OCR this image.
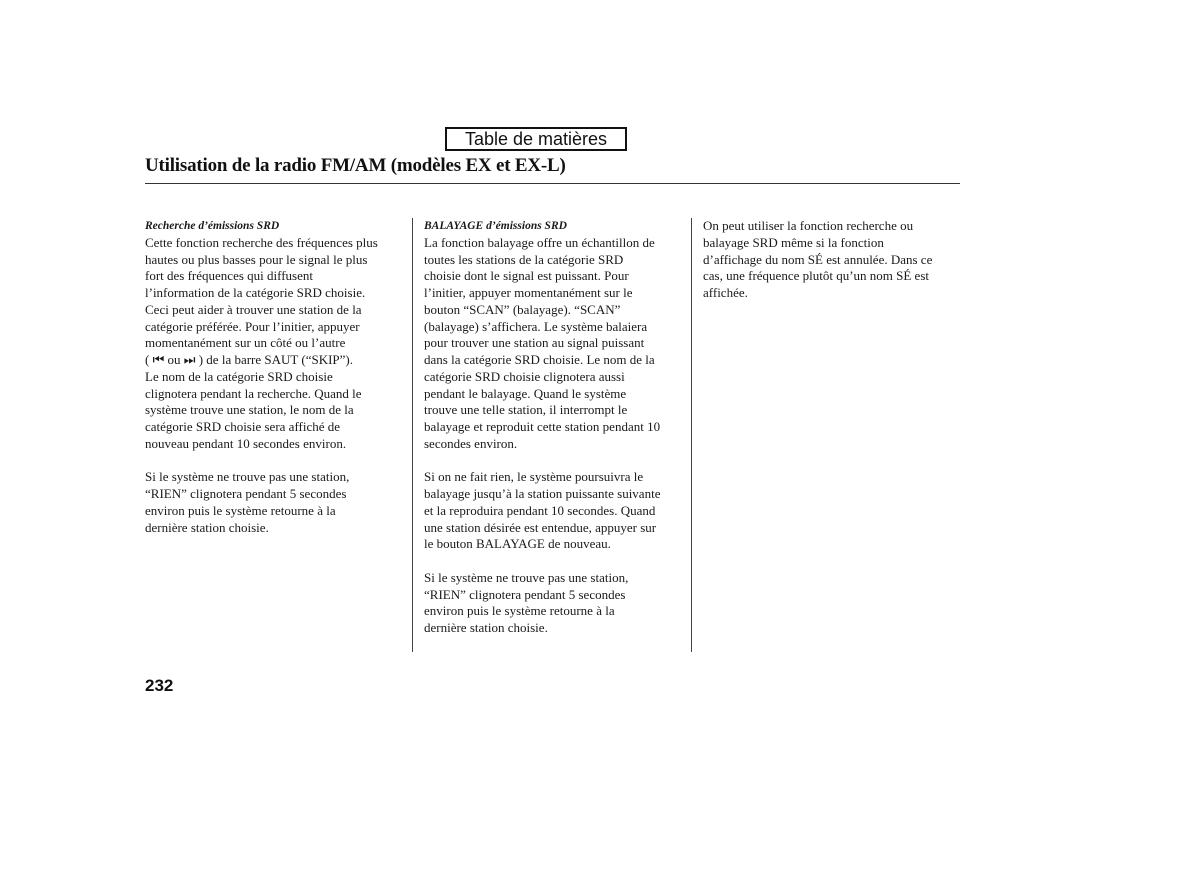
Table de matières
Utilisation de la radio FM/AM (modèles EX et EX-L)
Recherche d’émissions SRD

Cette fonction recherche des fréquences plus
hautes ou plus basses pour le signal le plus
fort des fréquences qui diffusent
l’information de la catégorie SRD choisie.
Ceci peut aider à trouver une station de la
catégorie préférée. Pour l’initier, appuyer
momentanément sur un côté ou l’autre
( ⏮ ou ⏭ ) de la barre SAUT (“SKIP”).
Le nom de la catégorie SRD choisie
clignotera pendant la recherche. Quand le
système trouve une station, le nom de la
catégorie SRD choisie sera affiché de
nouveau pendant 10 secondes environ.

Si le système ne trouve pas une station,
“RIEN” clignotera pendant 5 secondes
environ puis le système retourne à la
dernière station choisie.

BALAYAGE d’émissions SRD

La fonction balayage offre un échantillon de
toutes les stations de la catégorie SRD
choisie dont le signal est puissant. Pour
l’initier, appuyer momentanément sur le
bouton “SCAN” (balayage). “SCAN”
(balayage) s’affichera. Le système balaiera
pour trouver une station au signal puissant
dans la catégorie SRD choisie. Le nom de la
catégorie SRD choisie clignotera aussi
pendant le balayage. Quand le système
trouve une telle station, il interrompt le
balayage et reproduit cette station pendant 10
secondes environ.

Si on ne fait rien, le système poursuivra le
balayage jusqu’à la station puissante suivante
et la reproduira pendant 10 secondes. Quand
une station désirée est entendue, appuyer sur
le bouton BALAYAGE de nouveau.

Si le système ne trouve pas une station,
“RIEN” clignotera pendant 5 secondes
environ puis le système retourne à la
dernière station choisie.

On peut utiliser la fonction recherche ou
balayage SRD même si la fonction
d’affichage du nom SÉ est annulée. Dans ce
cas, une fréquence plutôt qu’un nom SÉ est
affichée.

232
